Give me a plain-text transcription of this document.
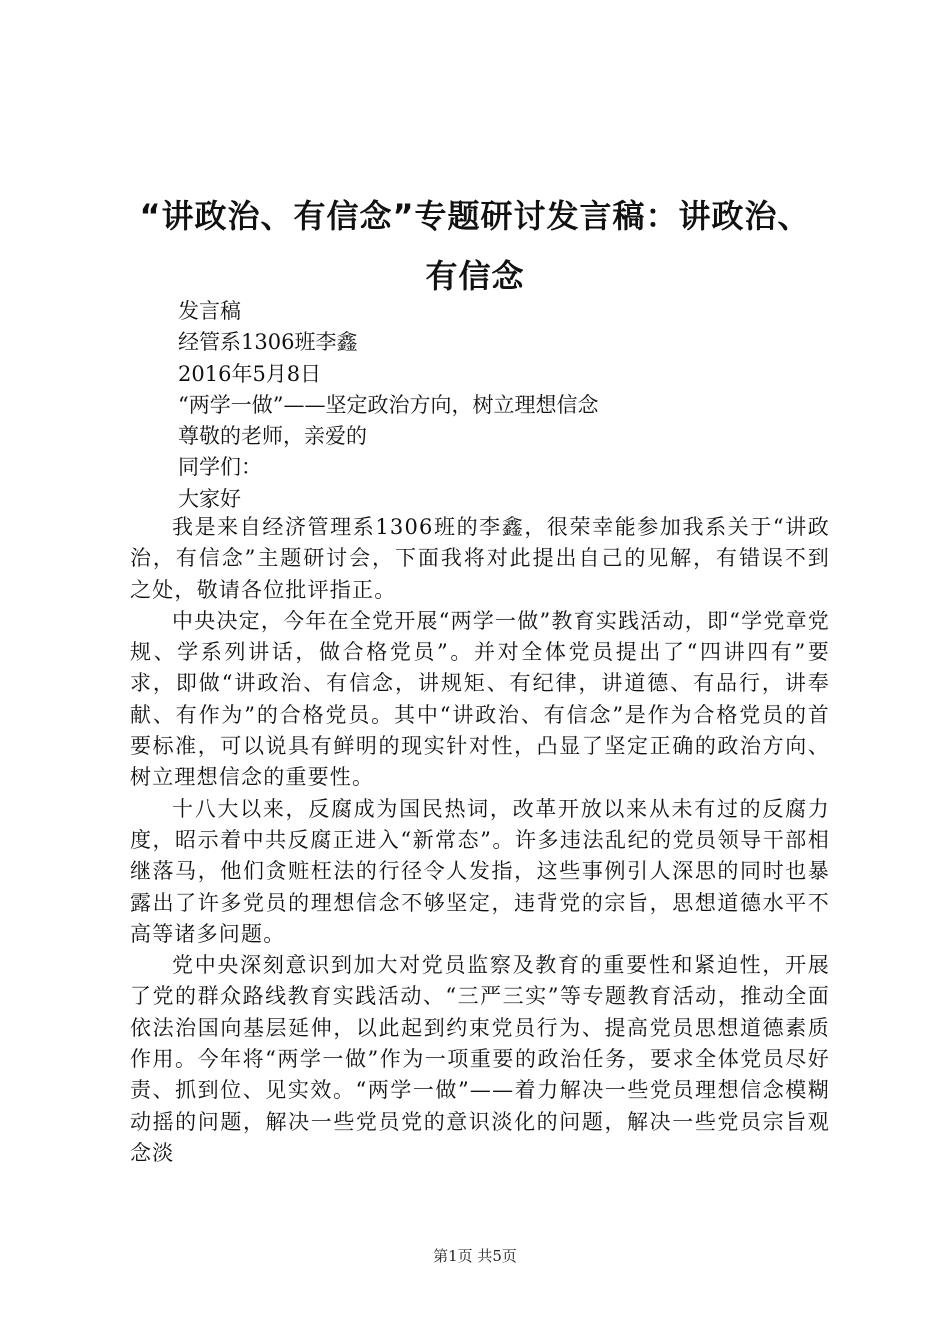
“讲政治、有信念”专题研讨发言稿：讲政治、
有信念
发言稿
经管系1306班李鑫
2016年5月8日
“两学一做”——坚定政治方向，树立理想信念
尊敬的老师，亲爱的
同学们：
大家好

我是来自经济管理系1306班的李鑫，很荣幸能参加我系关于“讲政治，有信念”主题研讨会，下面我将对此提出自己的见解，有错误不到之处，敬请各位批评指正。

中央决定，今年在全党开展“两学一做”教育实践活动，即“学党章党规、学系列讲话，做合格党员”。并对全体党员提出了“四讲四有”要求，即做“讲政治、有信念，讲规矩、有纪律，讲道德、有品行，讲奉献、有作为”的合格党员。其中“讲政治、有信念”是作为合格党员的首要标准，可以说具有鲜明的现实针对性，凸显了坚定正确的政治方向、树立理想信念的重要性。

十八大以来，反腐成为国民热词，改革开放以来从未有过的反腐力度，昭示着中共反腐正进入“新常态”。许多违法乱纪的党员领导干部相继落马，他们贪赃枉法的行径令人发指，这些事例引人深思的同时也暴露出了许多党员的理想信念不够坚定，违背党的宗旨，思想道德水平不高等诸多问题。

党中央深刻意识到加大对党员监察及教育的重要性和紧迫性，开展了党的群众路线教育实践活动、“三严三实”等专题教育活动，推动全面依法治国向基层延伸，以此起到约束党员行为、提高党员思想道德素质作用。今年将“两学一做”作为一项重要的政治任务，要求全体党员尽好责、抓到位、见实效。“两学一做”——着力解决一些党员理想信念模糊动摇的问题，解决一些党员党的意识淡化的问题，解决一些党员宗旨观念淡

第1页 共5页
